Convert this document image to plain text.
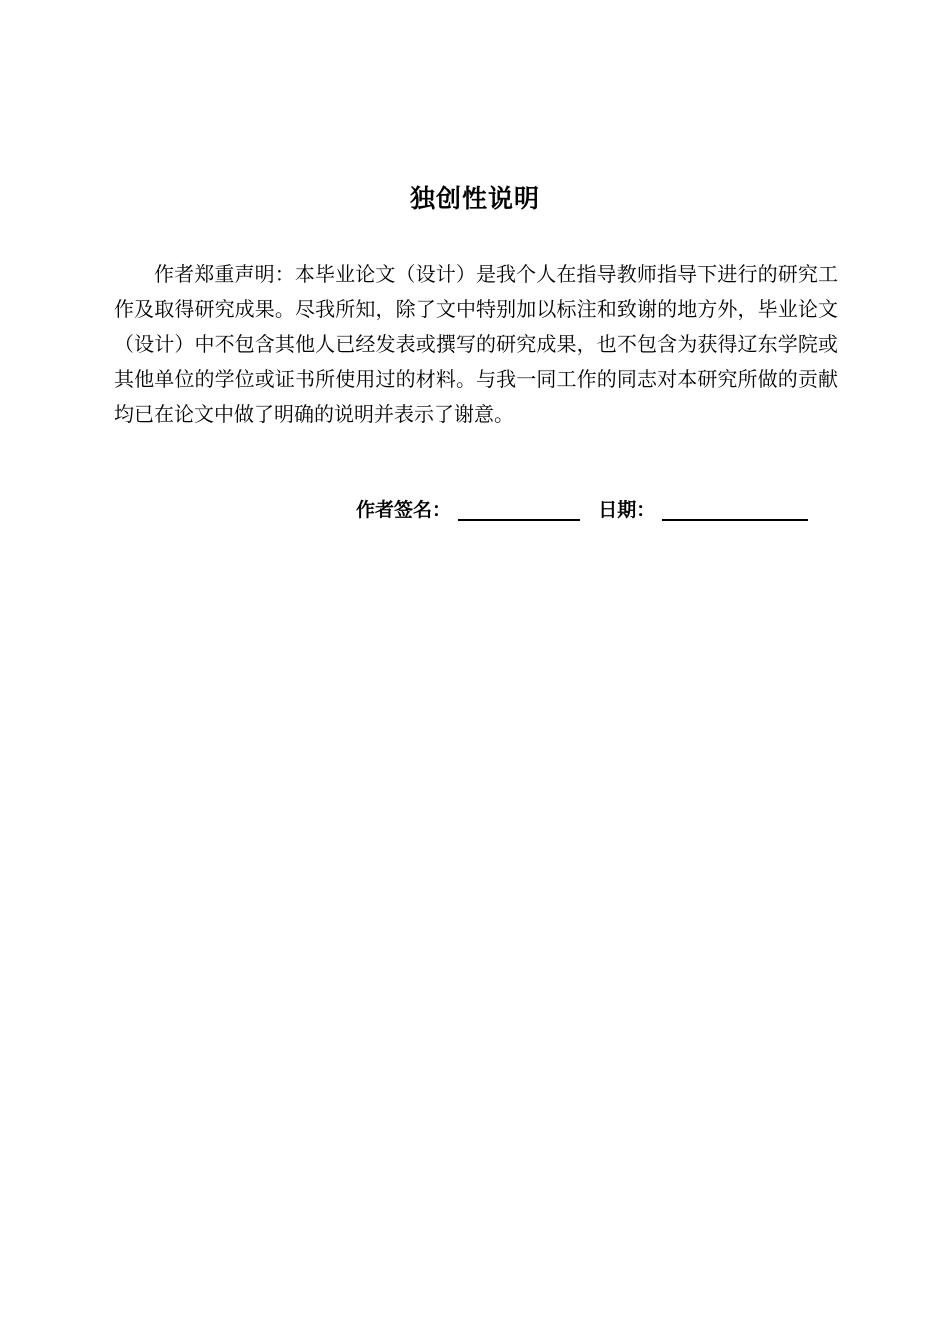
独创性说明
作者郑重声明：本毕业论文（设计）是我个人在指导教师指导下进行的研究工作及取得研究成果。尽我所知，除了文中特别加以标注和致谢的地方外，毕业论文（设计）中不包含其他人已经发表或撰写的研究成果，也不包含为获得辽东学院或其他单位的学位或证书所使用过的材料。与我一同工作的同志对本研究所做的贡献均已在论文中做了明确的说明并表示了谢意。
作者签名：	日期：
